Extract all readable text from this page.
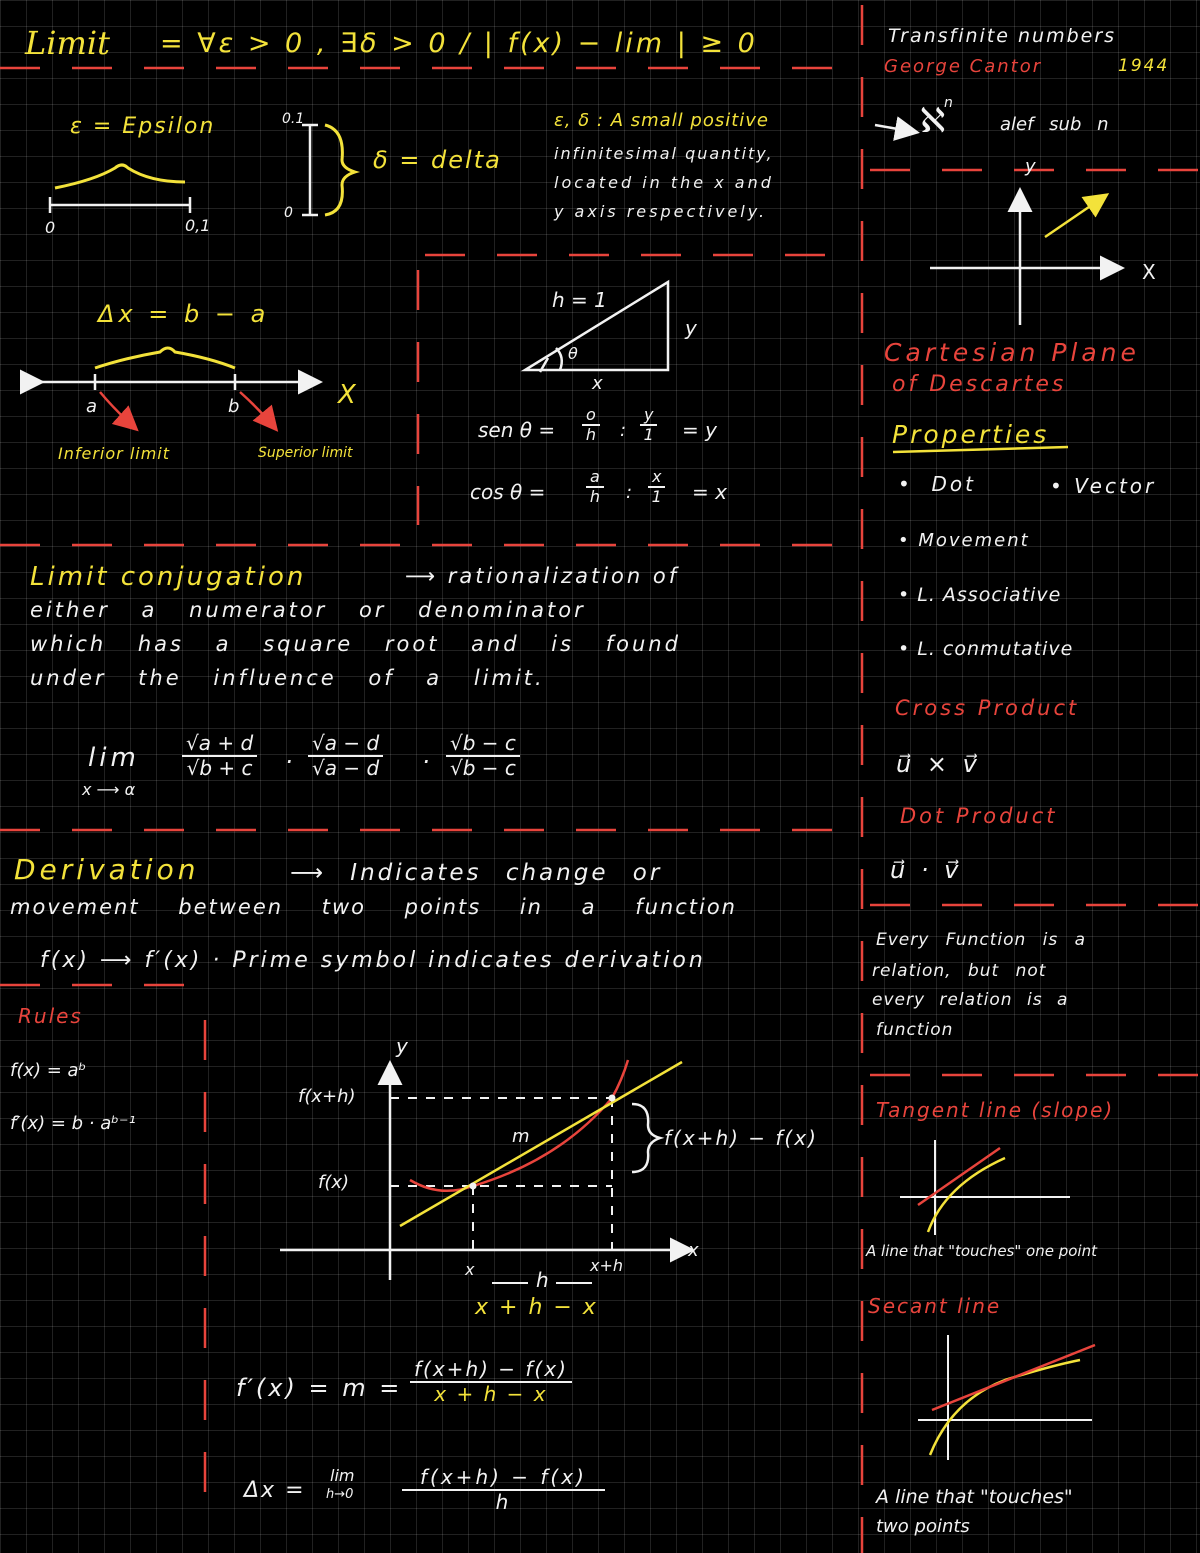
Limit = ∀ε > 0 , ∃δ > 0 / | f(x) − lim | ≥ 0
ε = Epsilon
0	0,1
0.1
0
δ = delta
ε, δ : A small positive
infinitesimal quantity,
located in the x and
y axis respectively.
Δx = b − a
a	b	X
Inferior limit	Superior limit
h = 1
y
x
θ
sen $\theta = \frac{o}{h}$ : $\frac{y}{1} = y$
cos θ =	$\frac{a}{h}$ : $\frac{x}{1} = x$
Limit conjugation	⟶ rationalization of
either a numerator or denominator
which has a square root and is found
under the influence of a limit.
lim
x ⟶ α
$\frac{√a + d}{√b + c} \cdot \frac{√a - d}{√a - d} \cdot \frac{√b - c}{√b - c}$
Derivation	⟶ Indicates change or
movement between two points in a function
f(x) ⟶ f′(x) · Prime symbol indicates derivation
Rules
f(x) = aᵇ
f′(x) = b · aᵇ⁻¹
y
x
f(x+h)
f(x)
m	f(x+h) − f(x)
x	h
x+h
x + h − x
$f'(x) = m = \frac{f(x+h) - f(x)}{x + h - x}$
Δx =
lim
$h\to 0 \frac{f(x+h) - f(x)}{h}$
Transfinite numbers
George Cantor	1944
ℵ
n
alef sub n
y
X
Cartesian Plane
of Descartes
Properties
•  Dot	• Vector
• Movement
• L. Associative
• L. conmutative
Cross Product
u⃗ × v⃗
Dot Product
u⃗ · v⃗
Every Function is a
relation, but not
every relation is a
function
Tangent line (slope)
A line that "touches" one point
Secant line
A line that "touches"
two points
